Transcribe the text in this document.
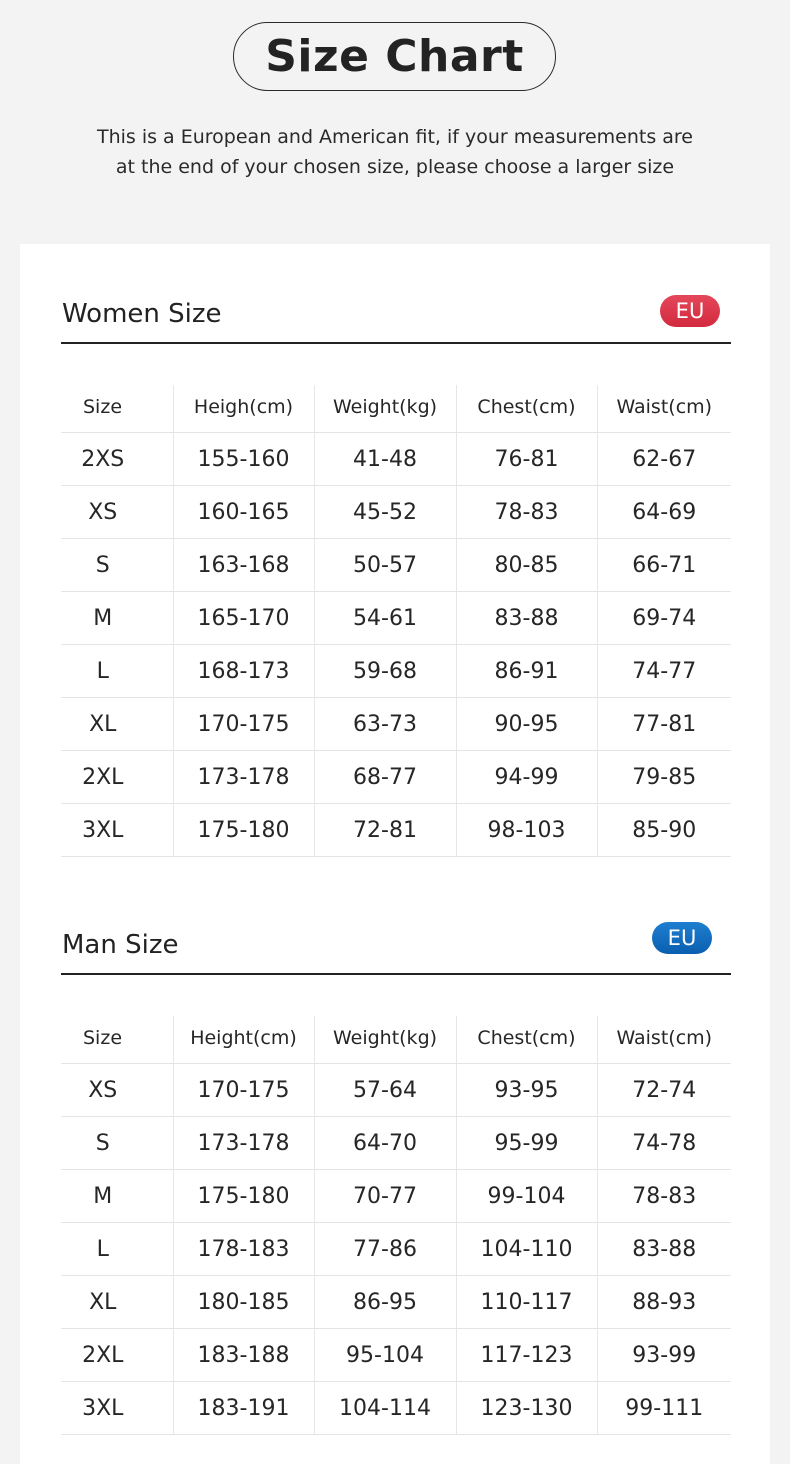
Size Chart
This is a European and American fit, if your measurements are
at the end of your chosen size, please choose a larger size
Women Size	EU
Size	Heigh(cm)	Weight(kg)	Chest(cm)	Waist(cm)

2XS	155-160	41-48	76-81	62-67
XS	160-165	45-52	78-83	64-69
S	163-168	50-57	80-85	66-71
M	165-170	54-61	83-88	69-74
L	168-173	59-68	86-91	74-77
XL	170-175	63-73	90-95	77-81
2XL	173-178	68-77	94-99	79-85
3XL	175-180	72-81	98-103	85-90
Man Size	EU
Size	Height(cm)	Weight(kg)	Chest(cm)	Waist(cm)

XS	170-175	57-64	93-95	72-74
S	173-178	64-70	95-99	74-78
M	175-180	70-77	99-104	78-83
L	178-183	77-86	104-110	83-88
XL	180-185	86-95	110-117	88-93
2XL	183-188	95-104	117-123	93-99
3XL	183-191	104-114	123-130	99-111
